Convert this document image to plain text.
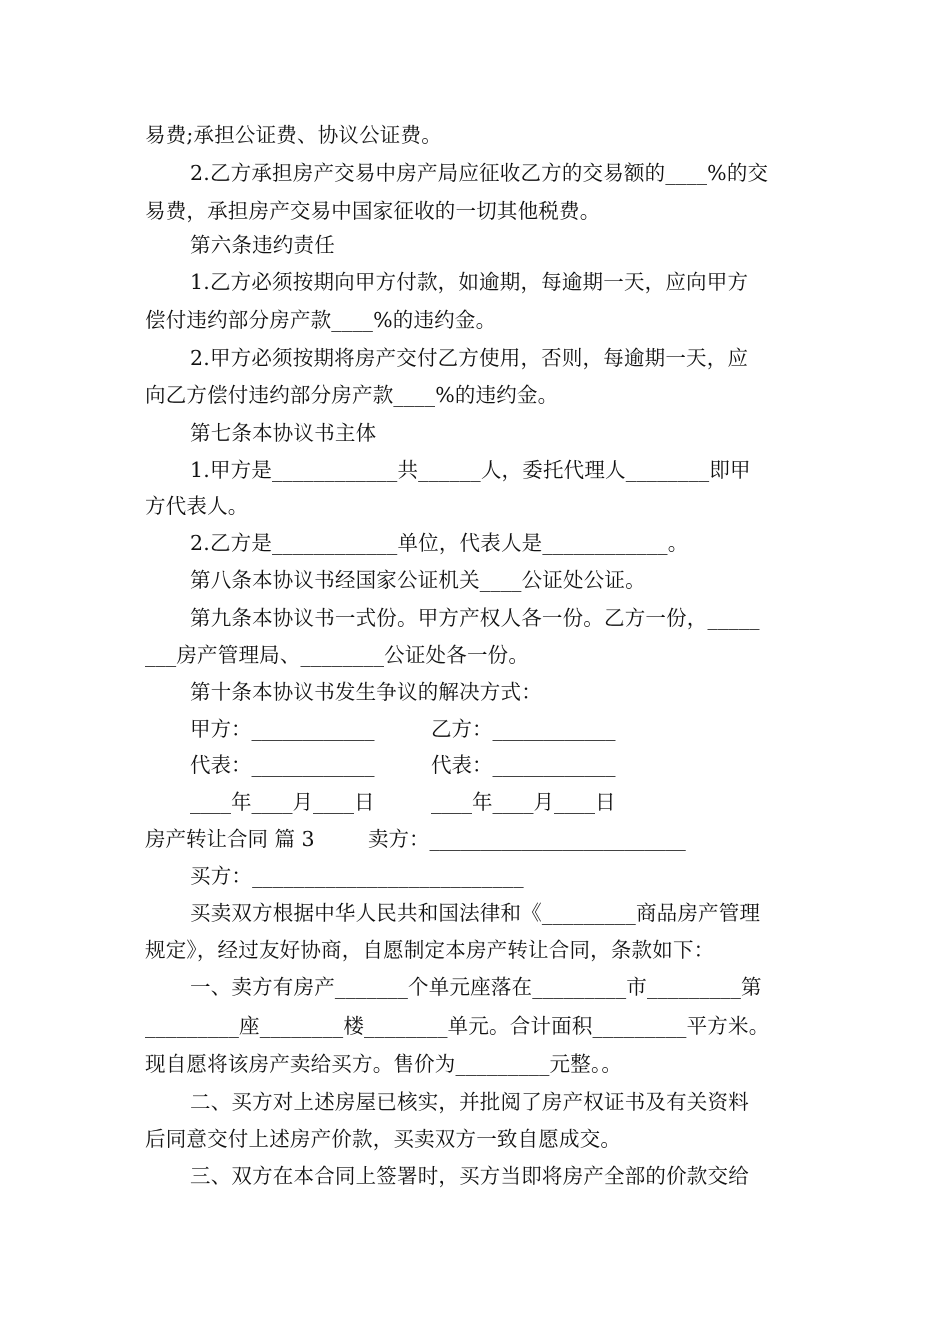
易费;承担公证费、协议公证费。
2.乙方承担房产交易中房产局应征收乙方的交易额的____%的交
易费，承担房产交易中国家征收的一切其他税费。
第六条违约责任
1.乙方必须按期向甲方付款，如逾期，每逾期一天，应向甲方
偿付违约部分房产款____%的违约金。
2.甲方必须按期将房产交付乙方使用，否则，每逾期一天，应
向乙方偿付违约部分房产款____%的违约金。
第七条本协议书主体
1.甲方是____________共______人，委托代理人________即甲
方代表人。
2.乙方是____________单位，代表人是____________。
第八条本协议书经国家公证机关____公证处公证。
第九条本协议书一式份。甲方产权人各一份。乙方一份，_____
___房产管理局、________公证处各一份。
第十条本协议书发生争议的解决方式：
甲方：____________	乙方：____________
代表：____________	代表：____________
____年____月____日	____年____月____日
房产转让合同 篇 3	卖方：_________________________
买方：__________________________
买卖双方根据中华人民共和国法律和《_________商品房产管理
规定》，经过友好协商，自愿制定本房产转让合同，条款如下：
一、卖方有房产_______个单元座落在_________市_________第
_________座________楼________单元。合计面积_________平方米。
现自愿将该房产卖给买方。售价为_________元整。。
二、买方对上述房屋已核实，并批阅了房产权证书及有关资料
后同意交付上述房产价款，买卖双方一致自愿成交。
三、双方在本合同上签署时，买方当即将房产全部的价款交给
